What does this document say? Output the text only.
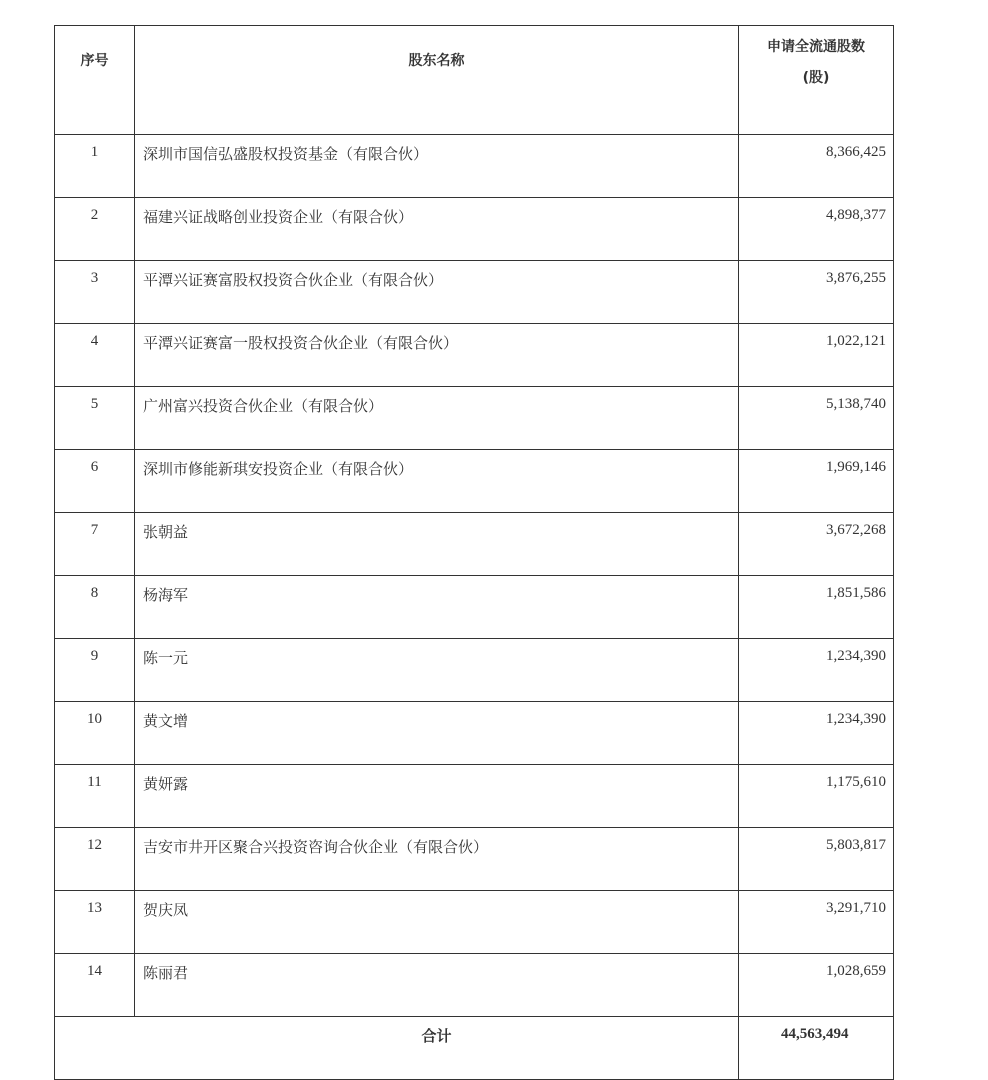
序号	股东名称	申请全流通股数
(股)

1	深圳市国信弘盛股权投资基金（有限合伙）	8,366,425
2	福建兴证战略创业投资企业（有限合伙）	4,898,377
3	平潭兴证赛富股权投资合伙企业（有限合伙）	3,876,255
4	平潭兴证赛富一股权投资合伙企业（有限合伙）	1,022,121
5	广州富兴投资合伙企业（有限合伙）	5,138,740
6	深圳市修能新琪安投资企业（有限合伙）	1,969,146
7	张朝益	3,672,268
8	杨海军	1,851,586
9	陈一元	1,234,390
10	黄文增	1,234,390
11	黄妍露	1,175,610
12	吉安市井开区聚合兴投资咨询合伙企业（有限合伙）	5,803,817
13	贺庆凤	3,291,710
14	陈丽君	1,028,659
合计		44,563,494
